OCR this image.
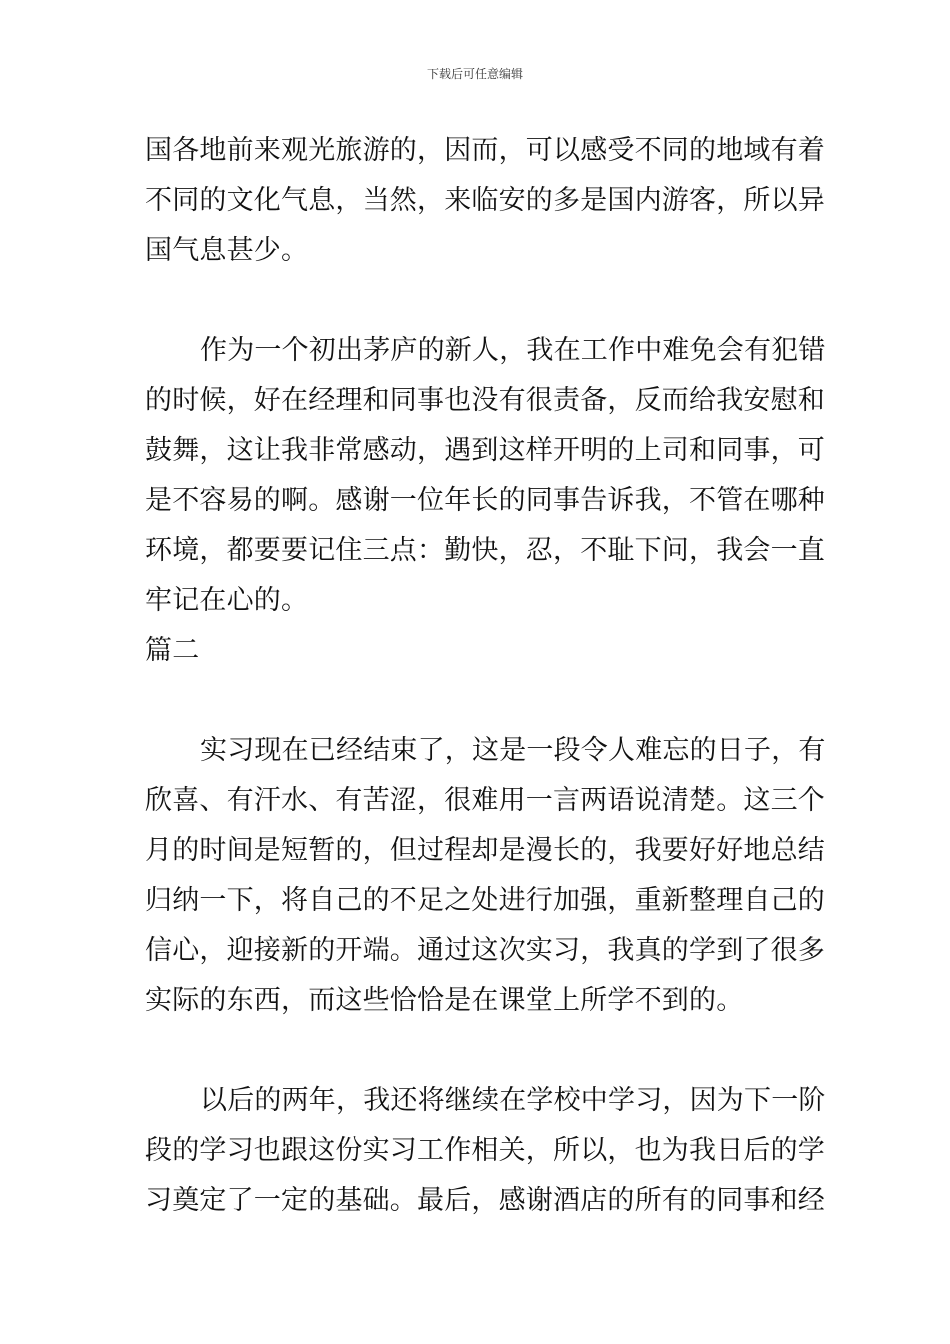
下载后可任意编辑
国各地前来观光旅游的，因而，可以感受不同的地域有着
不同的文化气息，当然，来临安的多是国内游客，所以异
国气息甚少。
作为一个初出茅庐的新人，我在工作中难免会有犯错
的时候，好在经理和同事也没有很责备，反而给我安慰和
鼓舞，这让我非常感动，遇到这样开明的上司和同事，可
是不容易的啊。感谢一位年长的同事告诉我，不管在哪种
环境，都要要记住三点：勤快，忍，不耻下问，我会一直
牢记在心的。
篇二
实习现在已经结束了，这是一段令人难忘的日子，有
欣喜、有汗水、有苦涩，很难用一言两语说清楚。这三个
月的时间是短暂的，但过程却是漫长的，我要好好地总结
归纳一下，将自己的不足之处进行加强，重新整理自己的
信心，迎接新的开端。通过这次实习，我真的学到了很多
实际的东西，而这些恰恰是在课堂上所学不到的。
以后的两年，我还将继续在学校中学习，因为下一阶
段的学习也跟这份实习工作相关，所以，也为我日后的学
习奠定了一定的基础。最后，感谢酒店的所有的同事和经
